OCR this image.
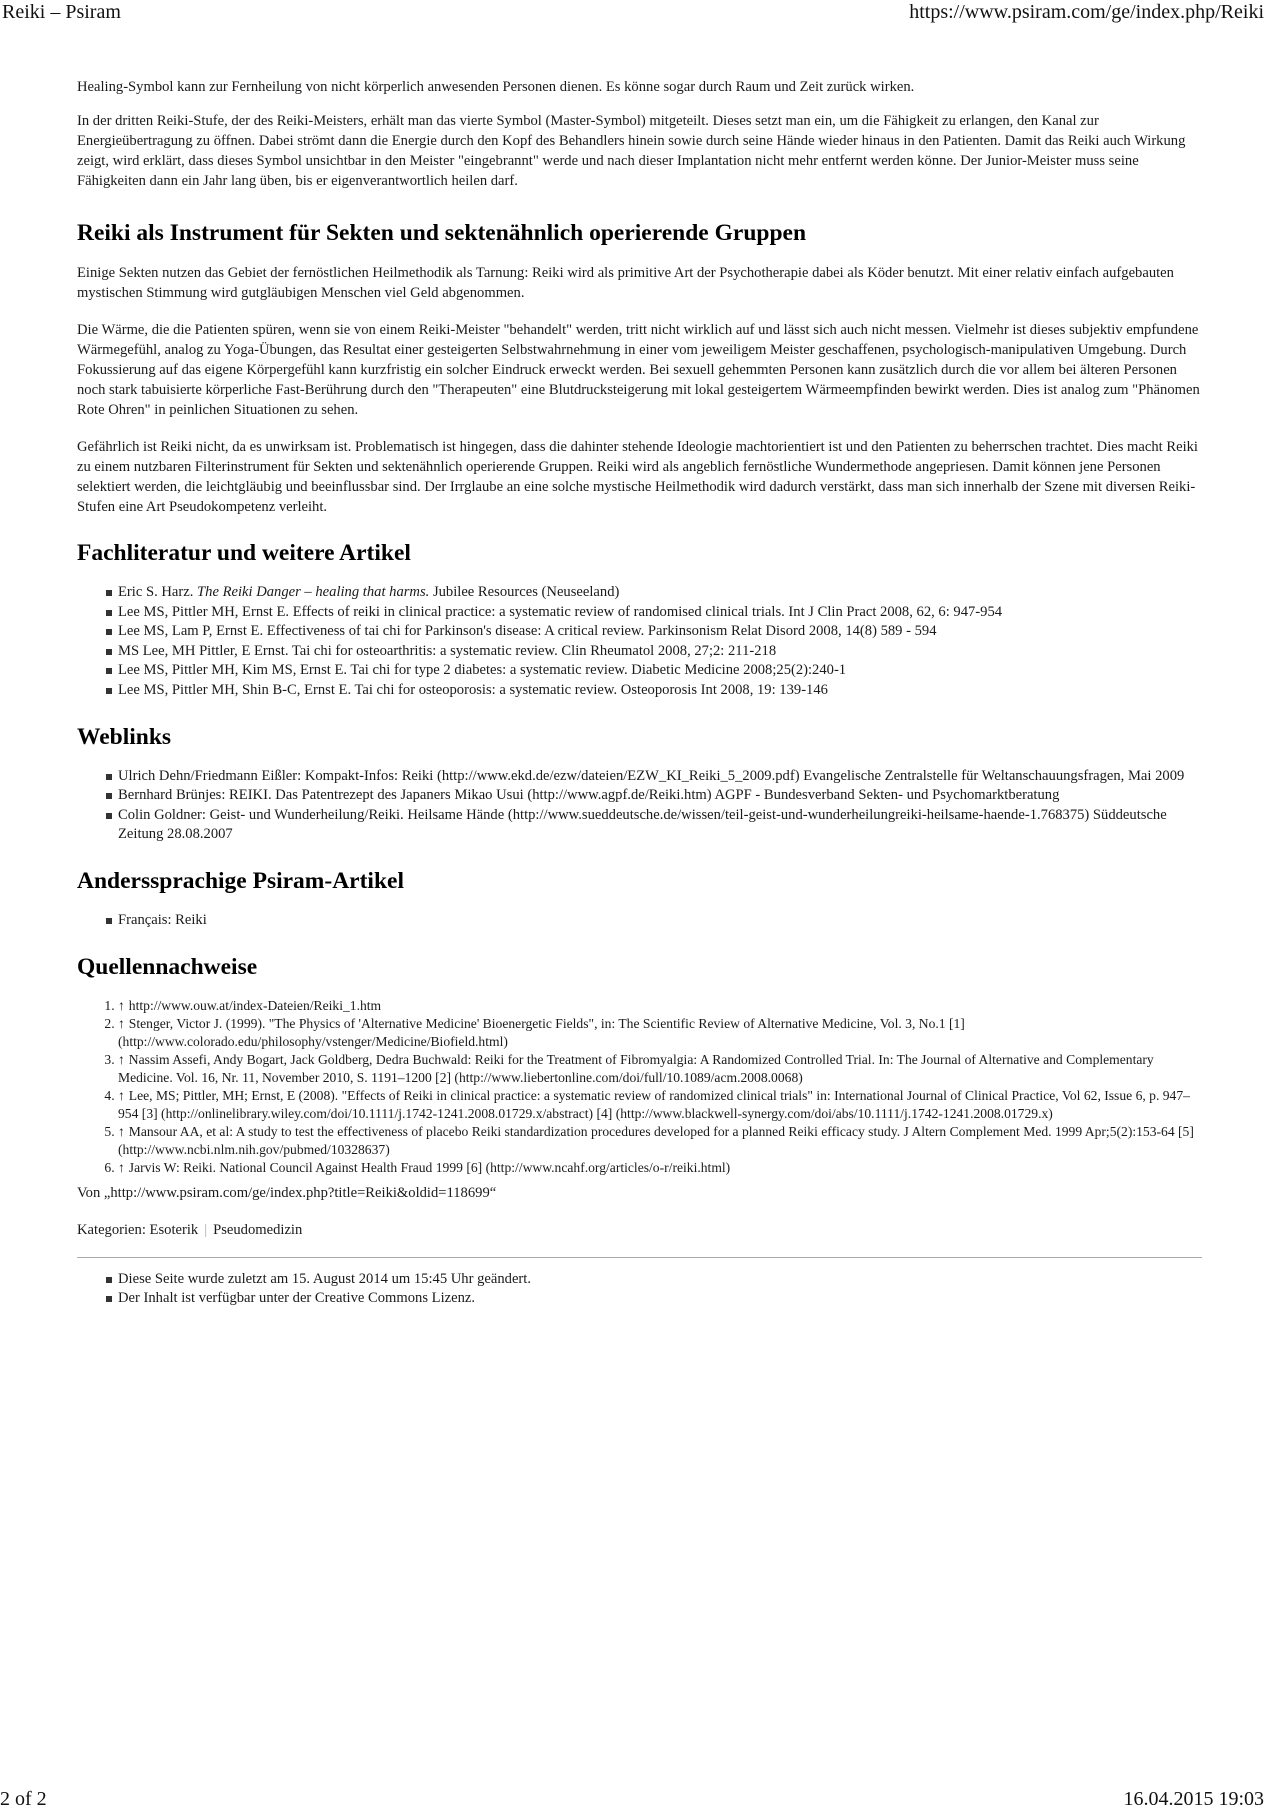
Reiki – Psiram	https://www.psiram.com/ge/index.php/Reiki

Healing-Symbol kann zur Fernheilung von nicht körperlich anwesenden Personen dienen. Es könne sogar durch Raum und Zeit zurück wirken.

In der dritten Reiki-Stufe, der des Reiki-Meisters, erhält man das vierte Symbol (Master-Symbol) mitgeteilt. Dieses setzt man ein, um die Fähigkeit zu erlangen, den Kanal zur Energieübertragung zu öffnen. Dabei strömt dann die Energie durch den Kopf des Behandlers hinein sowie durch seine Hände wieder hinaus in den Patienten. Damit das Reiki auch Wirkung zeigt, wird erklärt, dass dieses Symbol unsichtbar in den Meister "eingebrannt" werde und nach dieser Implantation nicht mehr entfernt werden könne. Der Junior-Meister muss seine Fähigkeiten dann ein Jahr lang üben, bis er eigenverantwortlich heilen darf.

Reiki als Instrument für Sekten und sektenähnlich operierende Gruppen

Einige Sekten nutzen das Gebiet der fernöstlichen Heilmethodik als Tarnung: Reiki wird als primitive Art der Psychotherapie dabei als Köder benutzt. Mit einer relativ einfach aufgebauten mystischen Stimmung wird gutgläubigen Menschen viel Geld abgenommen.

Die Wärme, die die Patienten spüren, wenn sie von einem Reiki-Meister "behandelt" werden, tritt nicht wirklich auf und lässt sich auch nicht messen. Vielmehr ist dieses subjektiv empfundene Wärmegefühl, analog zu Yoga-Übungen, das Resultat einer gesteigerten Selbstwahrnehmung in einer vom jeweiligem Meister geschaffenen, psychologisch-manipulativen Umgebung. Durch Fokussierung auf das eigene Körpergefühl kann kurzfristig ein solcher Eindruck erweckt werden. Bei sexuell gehemmten Personen kann zusätzlich durch die vor allem bei älteren Personen noch stark tabuisierte körperliche Fast-Berührung durch den "Therapeuten" eine Blutdrucksteigerung mit lokal gesteigertem Wärmeempfinden bewirkt werden. Dies ist analog zum "Phänomen Rote Ohren" in peinlichen Situationen zu sehen.

Gefährlich ist Reiki nicht, da es unwirksam ist. Problematisch ist hingegen, dass die dahinter stehende Ideologie machtorientiert ist und den Patienten zu beherrschen trachtet. Dies macht Reiki zu einem nutzbaren Filterinstrument für Sekten und sektenähnlich operierende Gruppen. Reiki wird als angeblich fernöstliche Wundermethode angepriesen. Damit können jene Personen selektiert werden, die leichtgläubig und beeinflussbar sind. Der Irrglaube an eine solche mystische Heilmethodik wird dadurch verstärkt, dass man sich innerhalb der Szene mit diversen Reiki-Stufen eine Art Pseudokompetenz verleiht.

Fachliteratur und weitere Artikel
Eric S. Harz. The Reiki Danger – healing that harms. Jubilee Resources (Neuseeland)
Lee MS, Pittler MH, Ernst E. Effects of reiki in clinical practice: a systematic review of randomised clinical trials. Int J Clin Pract 2008, 62, 6: 947-954
Lee MS, Lam P, Ernst E. Effectiveness of tai chi for Parkinson's disease: A critical review. Parkinsonism Relat Disord 2008, 14(8) 589 - 594
MS Lee, MH Pittler, E Ernst. Tai chi for osteoarthritis: a systematic review. Clin Rheumatol 2008, 27;2: 211-218
Lee MS, Pittler MH, Kim MS, Ernst E. Tai chi for type 2 diabetes: a systematic review. Diabetic Medicine 2008;25(2):240-1
Lee MS, Pittler MH, Shin B-C, Ernst E. Tai chi for osteoporosis: a systematic review. Osteoporosis Int 2008, 19: 139-146
Weblinks
Ulrich Dehn/Friedmann Eißler: Kompakt-Infos: Reiki (http://www.ekd.de/ezw/dateien/EZW_KI_Reiki_5_2009.pdf) Evangelische Zentralstelle für Weltanschauungsfragen, Mai 2009
Bernhard Brünjes: REIKI. Das Patentrezept des Japaners Mikao Usui (http://www.agpf.de/Reiki.htm) AGPF - Bundesverband Sekten- und Psychomarktberatung
Colin Goldner: Geist- und Wunderheilung/Reiki. Heilsame Hände (http://www.sueddeutsche.de/wissen/teil-geist-und-wunderheilungreiki-heilsame-haende-1.768375) Süddeutsche Zeitung 28.08.2007
Anderssprachige Psiram-Artikel
Français: Reiki
Quellennachweise
1. ↑ http://www.ouw.at/index-Dateien/Reiki_1.htm
2. ↑ Stenger, Victor J. (1999). "The Physics of 'Alternative Medicine' Bioenergetic Fields", in: The Scientific Review of Alternative Medicine, Vol. 3, No.1 [1] (http://www.colorado.edu/philosophy/vstenger/Medicine/Biofield.html)
3. ↑ Nassim Assefi, Andy Bogart, Jack Goldberg, Dedra Buchwald: Reiki for the Treatment of Fibromyalgia: A Randomized Controlled Trial. In: The Journal of Alternative and Complementary Medicine. Vol. 16, Nr. 11, November 2010, S. 1191–1200 [2] (http://www.liebertonline.com/doi/full/10.1089/acm.2008.0068)
4. ↑ Lee, MS; Pittler, MH; Ernst, E (2008). "Effects of Reiki in clinical practice: a systematic review of randomized clinical trials" in: International Journal of Clinical Practice, Vol 62, Issue 6, p. 947–954 [3] (http://onlinelibrary.wiley.com/doi/10.1111/j.1742-1241.2008.01729.x/abstract) [4] (http://www.blackwell-synergy.com/doi/abs/10.1111/j.1742-1241.2008.01729.x)
5. ↑ Mansour AA, et al: A study to test the effectiveness of placebo Reiki standardization procedures developed for a planned Reiki efficacy study. J Altern Complement Med. 1999 Apr;5(2):153-64 [5] (http://www.ncbi.nlm.nih.gov/pubmed/10328637)
6. ↑ Jarvis W: Reiki. National Council Against Health Fraud 1999 [6] (http://www.ncahf.org/articles/o-r/reiki.html)

Von „http://www.psiram.com/ge/index.php?title=Reiki&oldid=118699“

Kategorien: Esoterik | Pseudomedizin

Diese Seite wurde zuletzt am 15. August 2014 um 15:45 Uhr geändert.
Der Inhalt ist verfügbar unter der Creative Commons Lizenz.
2 of 2	16.04.2015 19:03
